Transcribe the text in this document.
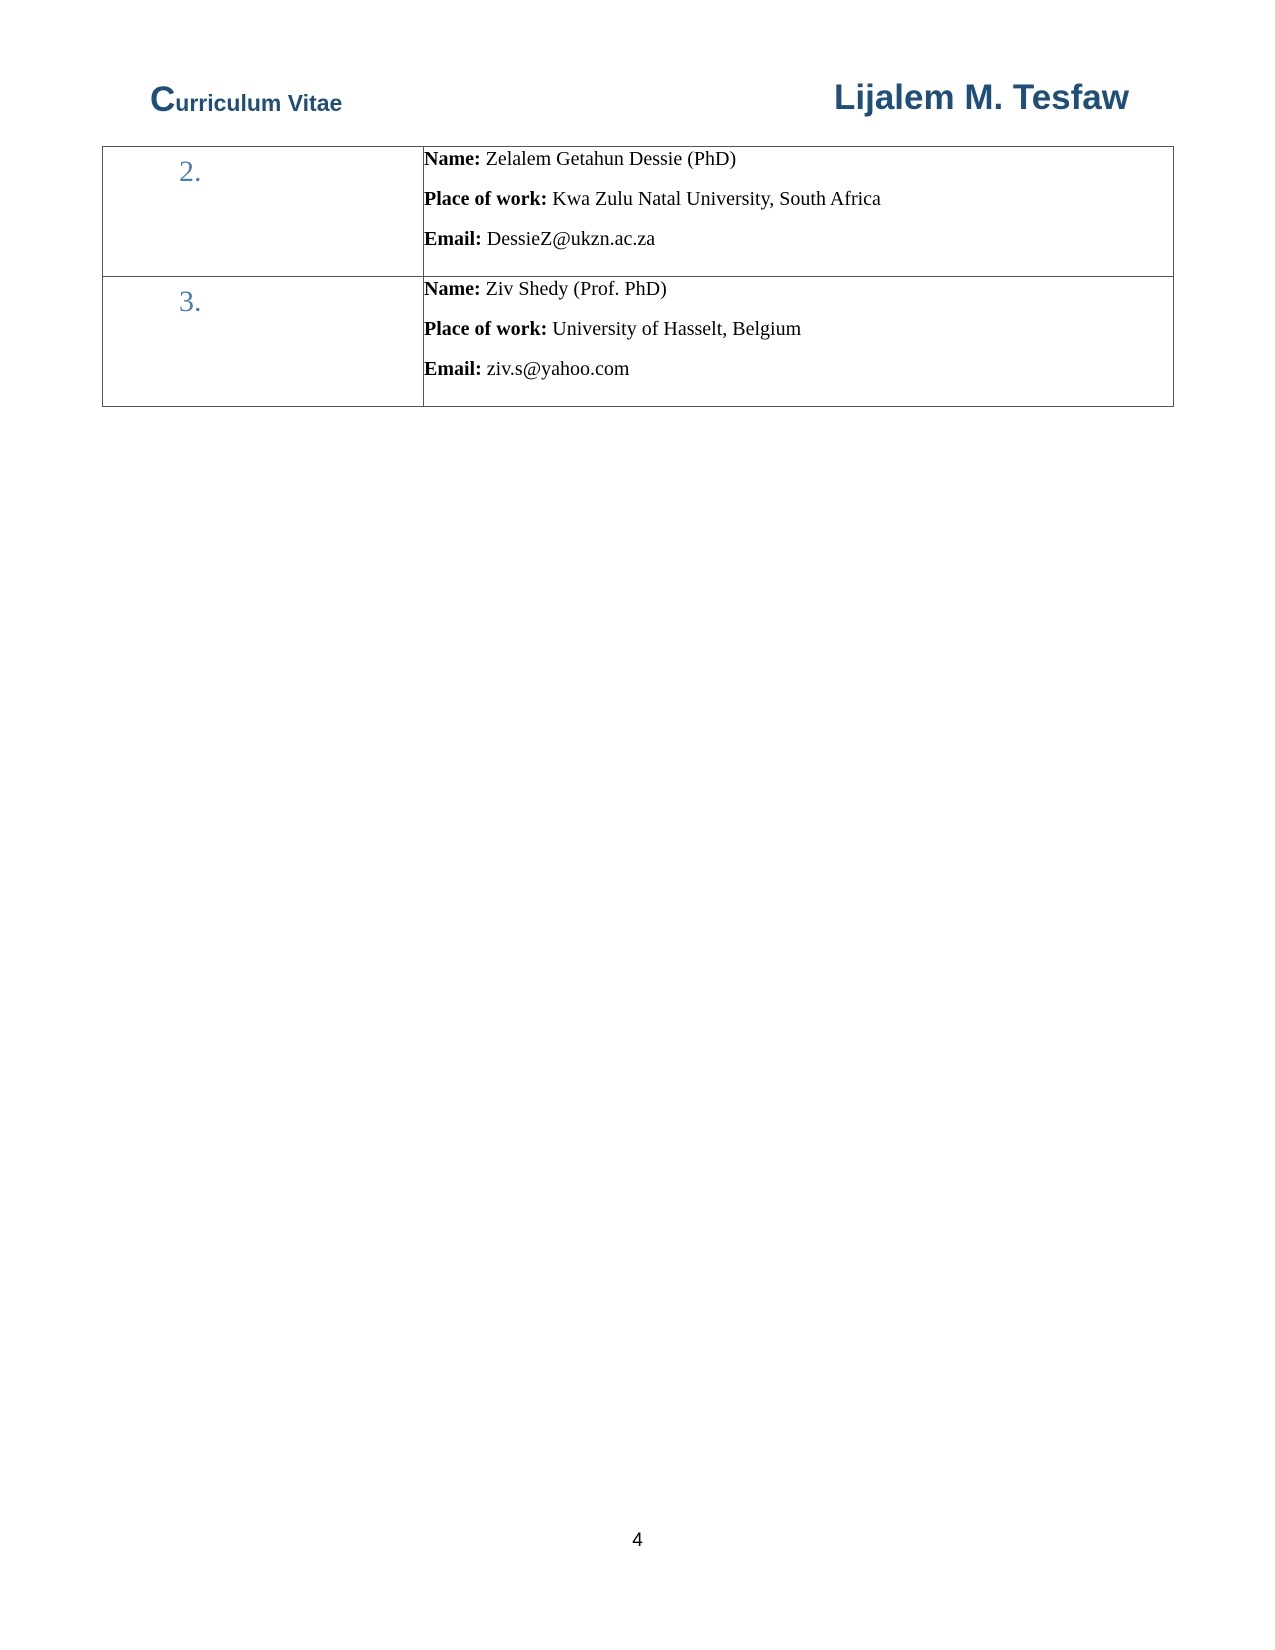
Curriculum Vitae	Lijalem M. Tesfaw
2.	Name: Zelalem Getahun Dessie (PhD)
Place of work: Kwa Zulu Natal University, South Africa
Email: DessieZ@ukzn.ac.za

3.	Name: Ziv Shedy (Prof. PhD)
Place of work: University of Hasselt, Belgium
Email: ziv.s@yahoo.com
4
